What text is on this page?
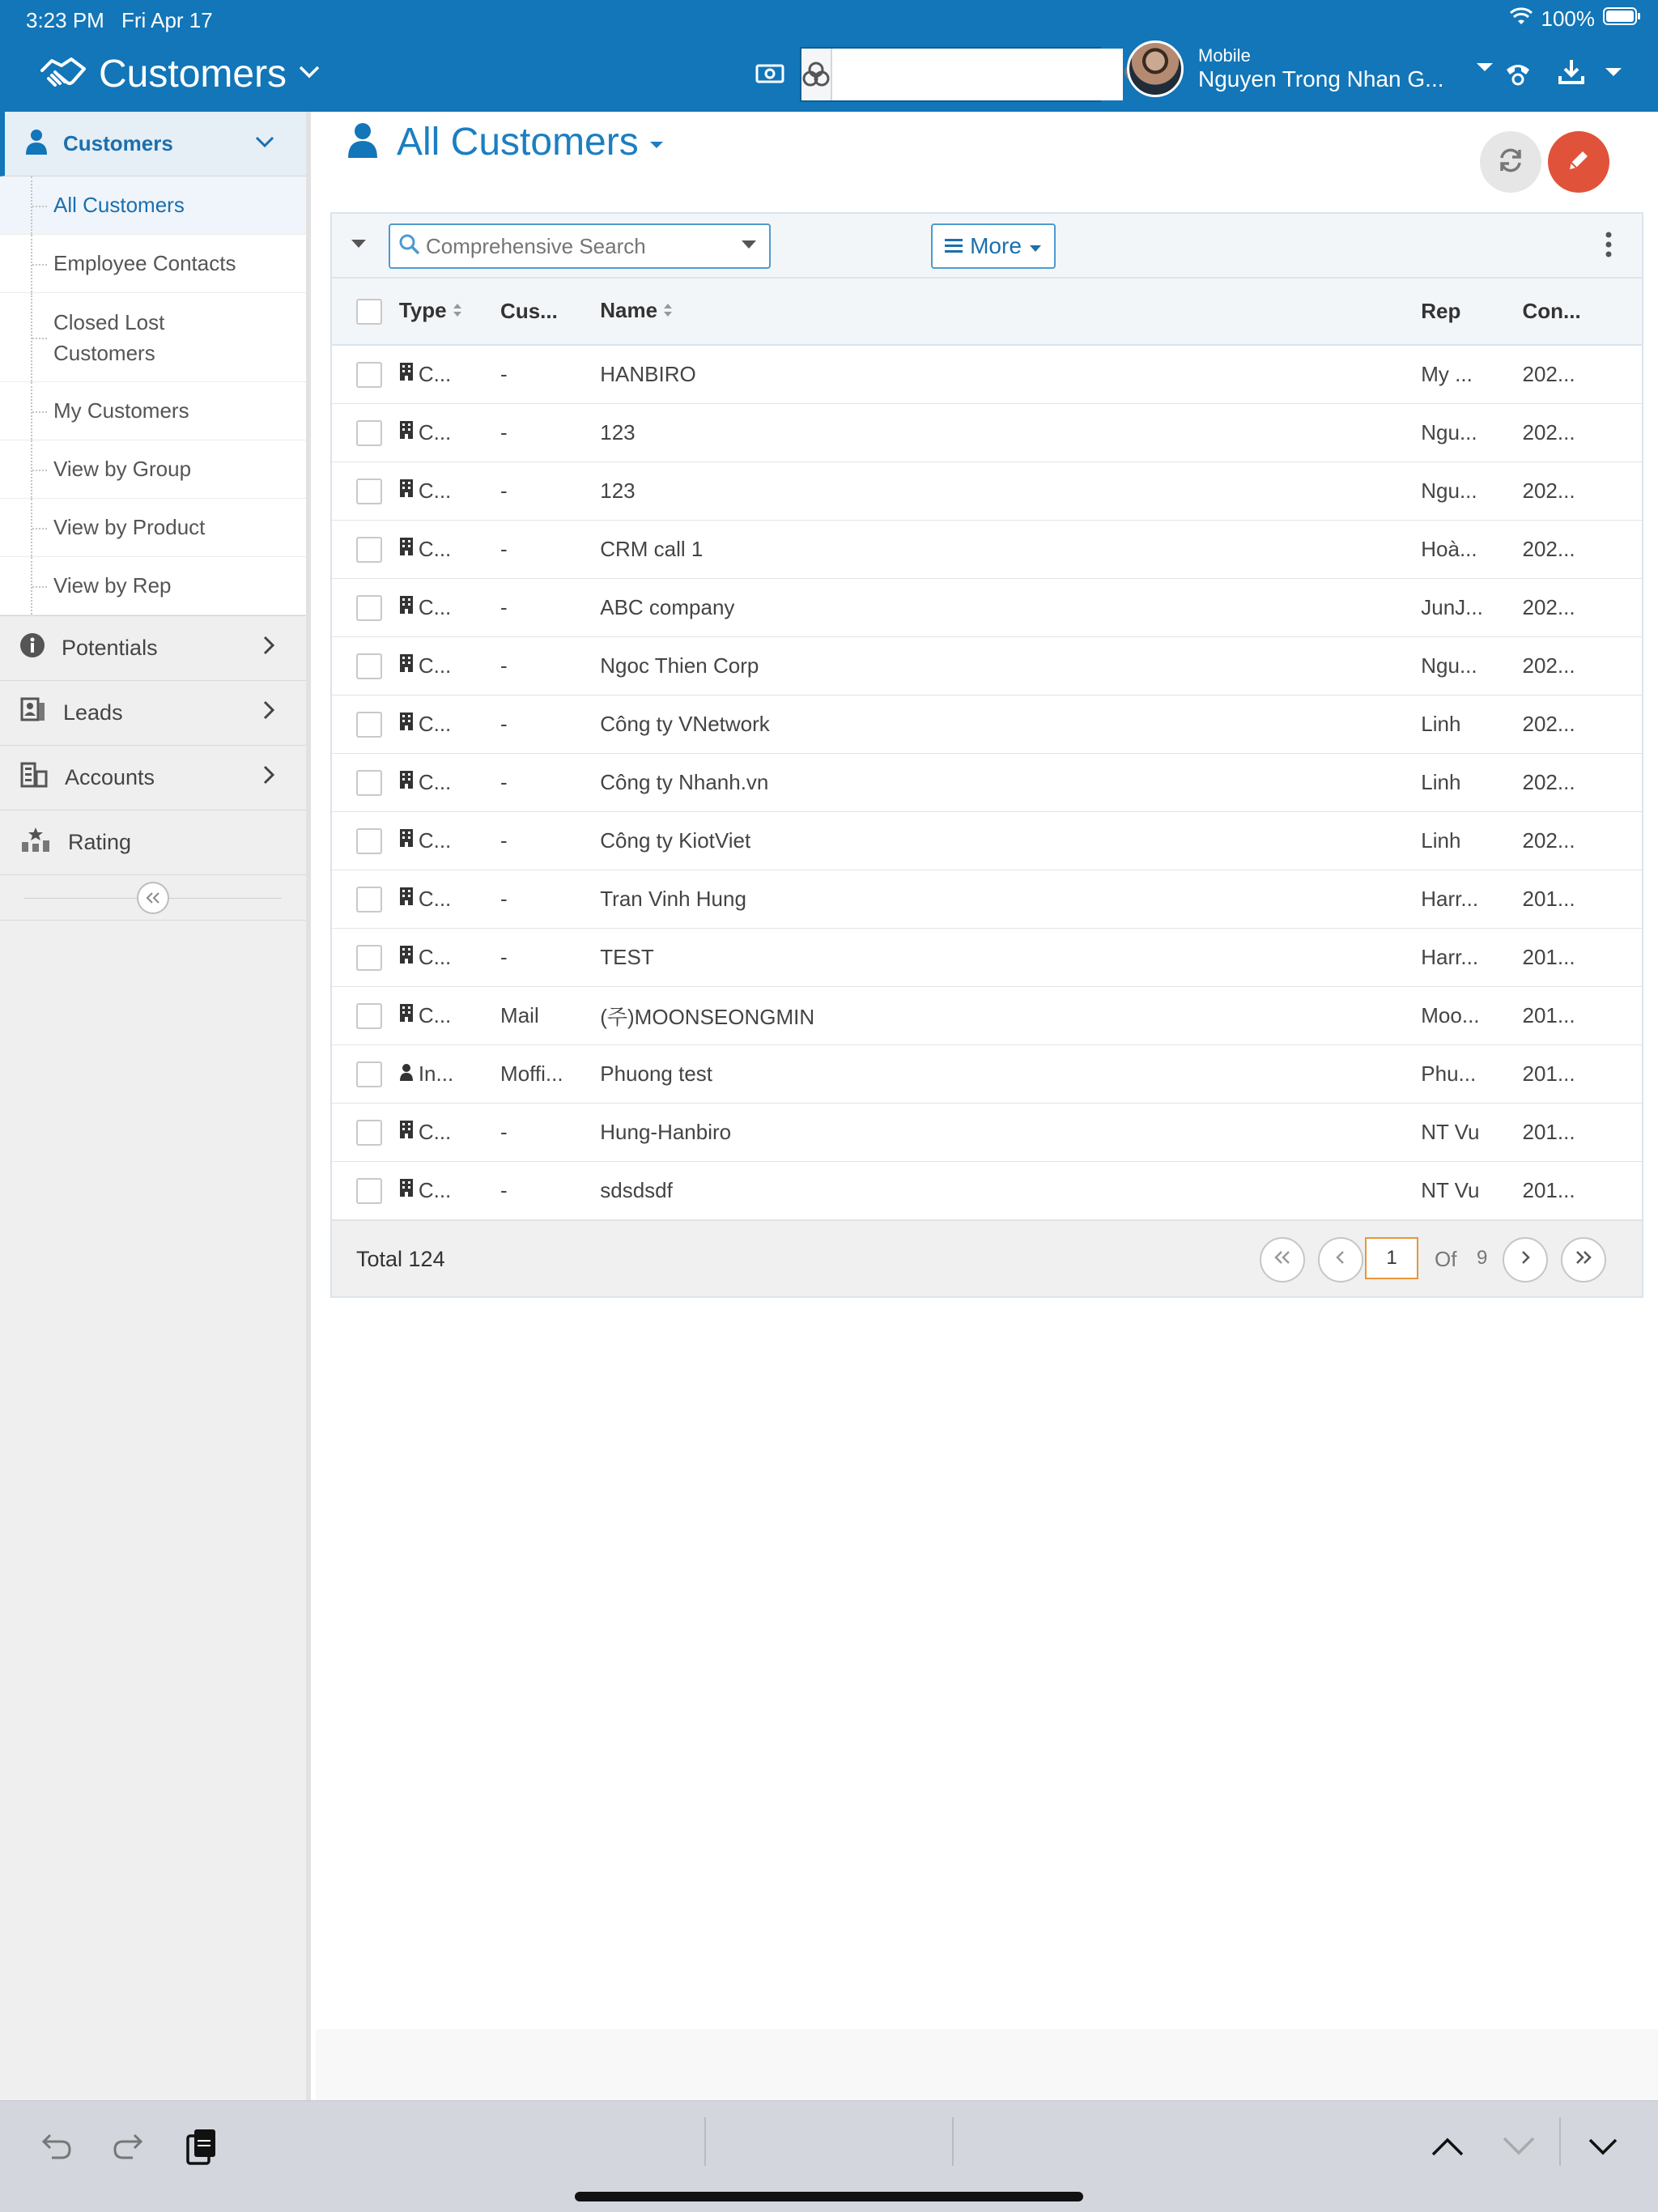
3:23 PM Fri Apr 17	100%
Customers	Mobile
Nguyen Trong Nhan G...
Customers
All Customers
Employee Contacts
Closed Lost Customers
My Customers
View by Group
View by Product
View by Rep
Potentials
Leads
Accounts
Rating
All Customers
Comprehensive Search
More
	Type	Cus...	Name	Rep	Con...

	C...	-	HANBIRO	My ...	202...

	C...	-	123	Ngu...	202...

	C...	-	123	Ngu...	202...

	C...	-	CRM call 1	Hoà...	202...

	C...	-	ABC company	JunJ...	202...

	C...	-	Ngoc Thien Corp	Ngu...	202...

	C...	-	Công ty VNetwork	Linh	202...

	C...	-	Công ty Nhanh.vn	Linh	202...

	C...	-	Công ty KiotViet	Linh	202...

	C...	-	Tran Vinh Hung	Harr...	201...

	C...	-	TEST	Harr...	201...

	C...	Mail	(주)MOONSEONGMIN	Moo...	201...

	In...	Moffi...	Phuong test	Phu...	201...

	C...	-	Hung-Hanbiro	NT Vu	201...

	C...	-	sdsdsdf	NT Vu	201...
Total 124
1	Of 9
